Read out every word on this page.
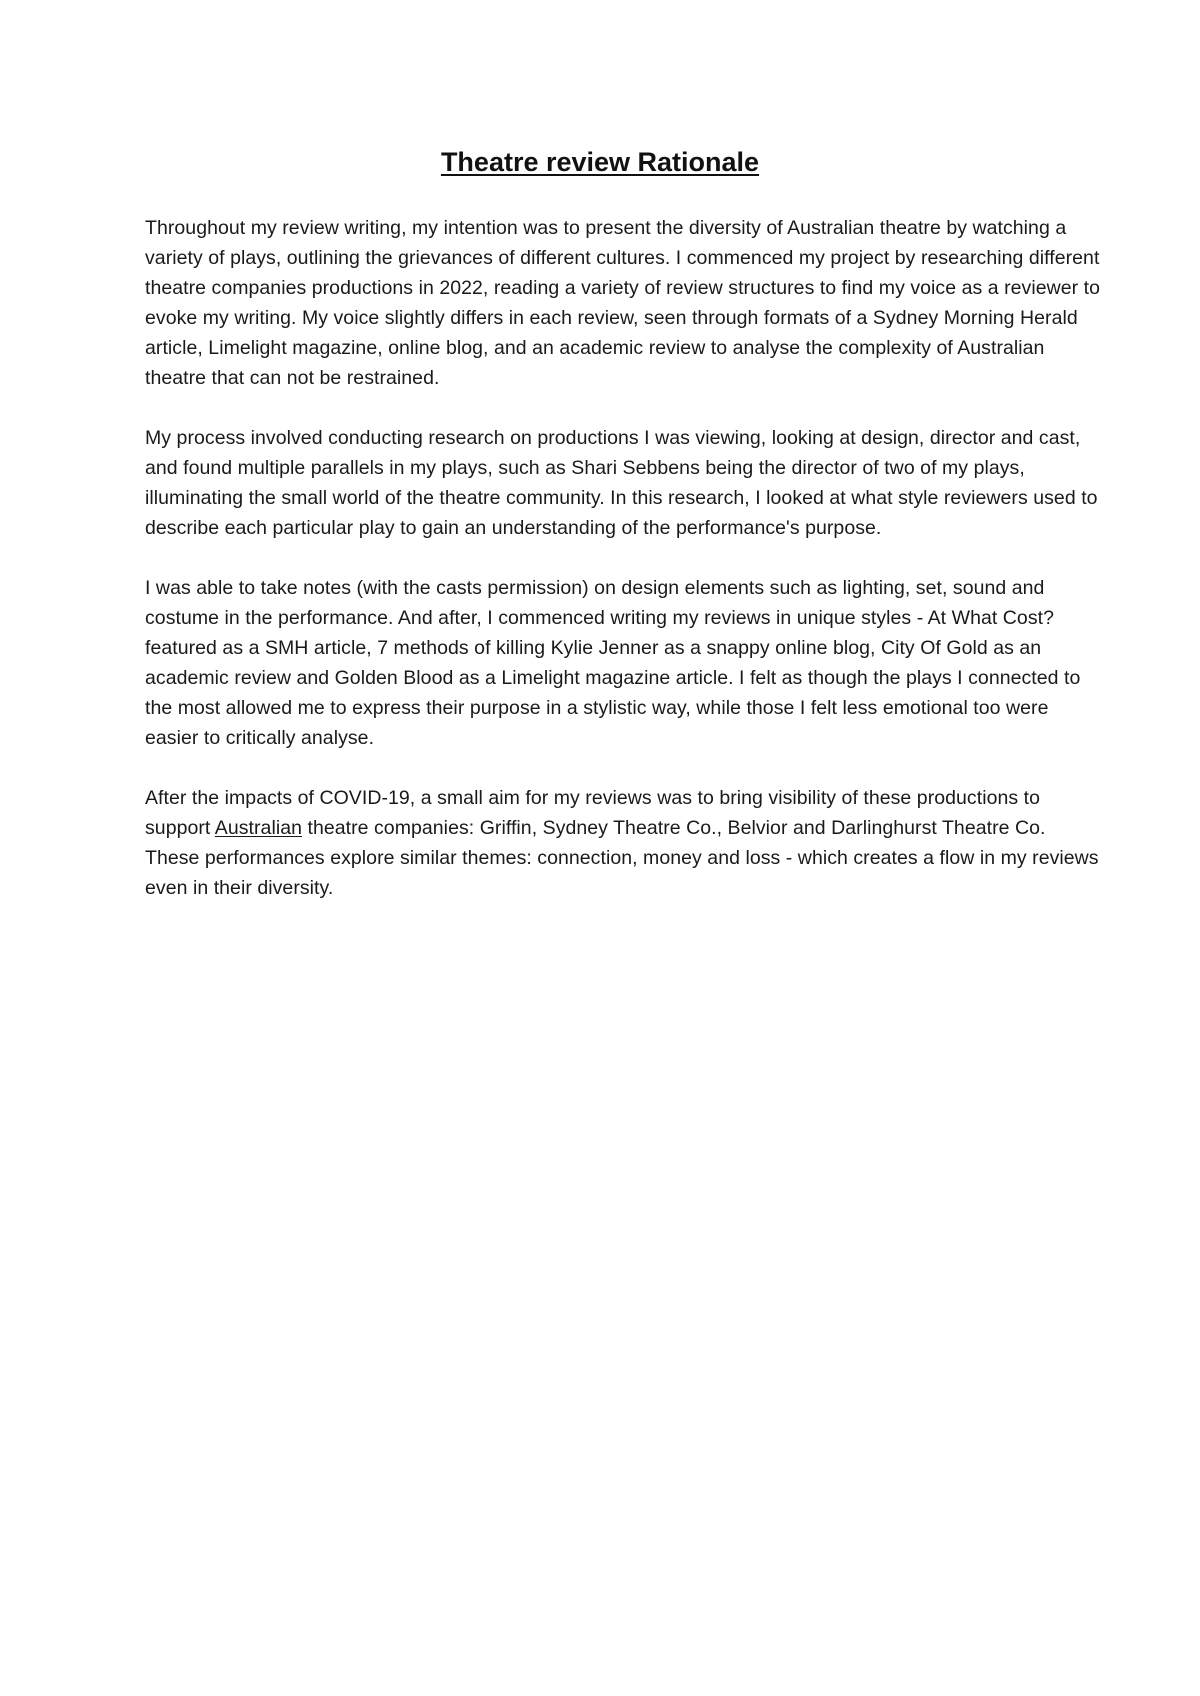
Theatre review Rationale

Throughout my review writing, my intention was to present the diversity of Australian theatre by watching a variety of plays, outlining the grievances of different cultures. I commenced my project by researching different theatre companies productions in 2022, reading a variety of review structures to find my voice as a reviewer to evoke my writing. My voice slightly differs in each review, seen through formats of a Sydney Morning Herald article, Limelight magazine, online blog, and an academic review to analyse the complexity of Australian theatre that can not be restrained.

My process involved conducting research on productions I was viewing, looking at design, director and cast, and found multiple parallels in my plays, such as Shari Sebbens being the director of two of my plays, illuminating the small world of the theatre community. In this research, I looked at what style reviewers used to describe each particular play to gain an understanding of the performance's purpose.

I was able to take notes (with the casts permission) on design elements such as lighting, set, sound and costume in the performance. And after, I commenced writing my reviews in unique styles - At What Cost? featured as a SMH article, 7 methods of killing Kylie Jenner as a snappy online blog, City Of Gold as an academic review and Golden Blood as a Limelight magazine article. I felt as though the plays I connected to the most allowed me to express their purpose in a stylistic way, while those I felt less emotional too were easier to critically analyse.

After the impacts of COVID-19, a small aim for my reviews was to bring visibility of these productions to support Australian theatre companies: Griffin, Sydney Theatre Co., Belvior and Darlinghurst Theatre Co. These performances explore similar themes: connection, money and loss - which creates a flow in my reviews even in their diversity.
